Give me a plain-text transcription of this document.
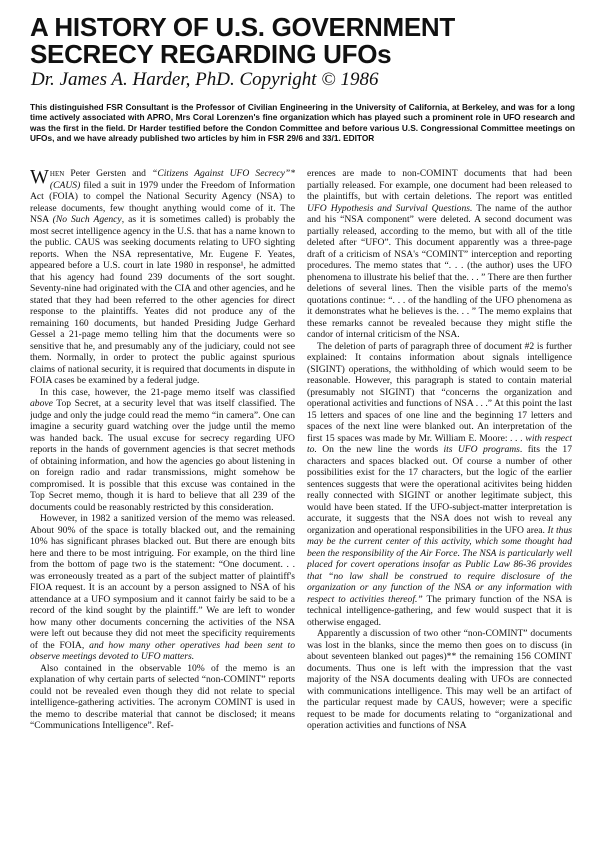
A HISTORY OF U.S. GOVERNMENT
SECRECY REGARDING UFOs

Dr. James A. Harder, PhD. Copyright © 1986

This distinguished FSR Consultant is the Professor of Civilian Engineering in the University of California, at Berkeley, and was for a long time actively associated with APRO, Mrs Coral Lorenzen's fine organization which has played such a prominent role in UFO research and was the first in the field. Dr Harder testified before the Condon Committee and before various U.S. Congressional Committee meetings on UFOs, and we have already published two articles by him in FSR 29/6 and 33/1. EDITOR

When Peter Gersten and “Citizens Against UFO Secrecy”* (CAUS) filed a suit in 1979 under the Freedom of Information Act (FOIA) to compel the National Security Agency (NSA) to release documents, few thought anything would come of it. The NSA (No Such Agency, as it is sometimes called) is probably the most secret intelligence agency in the U.S. that has a name known to the public. CAUS was seeking documents relating to UFO sighting reports. When the NSA representative, Mr. Eugene F. Yeates, appeared before a U.S. court in late 1980 in response¹, he admitted that his agency had found 239 documents of the sort sought. Seventy-nine had originated with the CIA and other agencies, and he stated that they had been referred to the other agencies for direct response to the plaintiffs. Yeates did not produce any of the remaining 160 documents, but handed Presiding Judge Gerhard Gessel a 21-page memo telling him that the documents were so sensitive that he, and presumably any of the judiciary, could not see them. Normally, in order to protect the public against spurious claims of national security, it is required that documents in dispute in FOIA cases be examined by a federal judge.

In this case, however, the 21-page memo itself was classified above Top Secret, at a security level that was itself classified. The judge and only the judge could read the memo “in camera”. One can imagine a security guard watching over the judge until the memo was handed back. The usual excuse for secrecy regarding UFO reports in the hands of government agencies is that secret methods of obtaining information, and how the agencies go about listening in on foreign radio and radar transmissions, might somehow be compromised. It is possible that this excuse was contained in the Top Secret memo, though it is hard to believe that all 239 of the documents could be reasonably restricted by this consideration.

However, in 1982 a sanitized version of the memo was released. About 90% of the space is totally blacked out, and the remaining 10% has significant phrases blacked out. But there are enough bits here and there to be most intriguing. For example, on the third line from the bottom of page two is the statement: “One document. . . was erroneously treated as a part of the subject matter of plaintiff's FIOA request. It is an account by a person assigned to NSA of his attendance at a UFO symposium and it cannot fairly be said to be a record of the kind sought by the plaintiff.” We are left to wonder how many other documents concerning the activities of the NSA were left out because they did not meet the specificity requirements of the FOIA, and how many other operatives had been sent to observe meetings devoted to UFO matters.

Also contained in the observable 10% of the memo is an explanation of why certain parts of selected “non-COMINT” reports could not be revealed even though they did not relate to special intelligence-gathering activities. The acronym COMINT is used in the memo to describe material that cannot be disclosed; it means “Communications Intelligence”. Ref-

erences are made to non-COMINT documents that had been partially released. For example, one document had been released to the plaintiffs, but with certain deletions. The report was entitled UFO Hypothesis and Survival Questions. The name of the author and his “NSA component” were deleted. A second document was partially released, according to the memo, but with all of the title deleted after “UFO”. This document apparently was a three-page draft of a criticism of NSA's “COMINT” interception and reporting procedures. The memo states that “. . . (the author) uses the UFO phenomena to illustrate his belief that the. . . ” There are then further deletions of several lines. Then the visible parts of the memo's quotations continue: “. . . of the handling of the UFO phenomena as it demonstrates what he believes is the. . . ” The memo explains that these remarks cannot be revealed because they might stifle the candor of internal criticism of the NSA.

The deletion of parts of paragraph three of document #2 is further explained: It contains information about signals intelligence (SIGINT) operations, the withholding of which would seem to be reasonable. However, this paragraph is stated to contain material (presumably not SIGINT) that “concerns the organization and operational activities and functions of NSA . . .” At this point the last 15 letters and spaces of one line and the beginning 17 letters and spaces of the next line were blanked out. An interpretation of the first 15 spaces was made by Mr. William E. Moore: . . . with respect to. On the new line the words its UFO programs. fits the 17 characters and spaces blacked out. Of course a number of other possibilities exist for the 17 characters, but the logic of the earlier sentences suggests that were the operational acitivites being hidden really connected with SIGINT or another legitimate subject, this would have been stated. If the UFO-subject-matter interpretation is accurate, it suggests that the NSA does not wish to reveal any organization and operational responsibilities in the UFO area. It thus may be the current center of this activity, which some thought had been the responsibility of the Air Force. The NSA is particularly well placed for covert operations insofar as Public Law 86-36 provides that “no law shall be construed to require disclosure of the organization or any function of the NSA or any information with respect to activities thereof.” The primary function of the NSA is technical intelligence-gathering, and few would suspect that it is otherwise engaged.

Apparently a discussion of two other “non-COMINT” documents was lost in the blanks, since the memo then goes on to discuss (in about seventeen blanked out pages)** the remaining 156 COMINT documents. Thus one is left with the impression that the vast majority of the NSA documents dealing with UFOs are connected with communications intelligence. This may well be an artifact of the particular request made by CAUS, however; were a specific request to be made for documents relating to “organizational and operation activities and functions of NSA
